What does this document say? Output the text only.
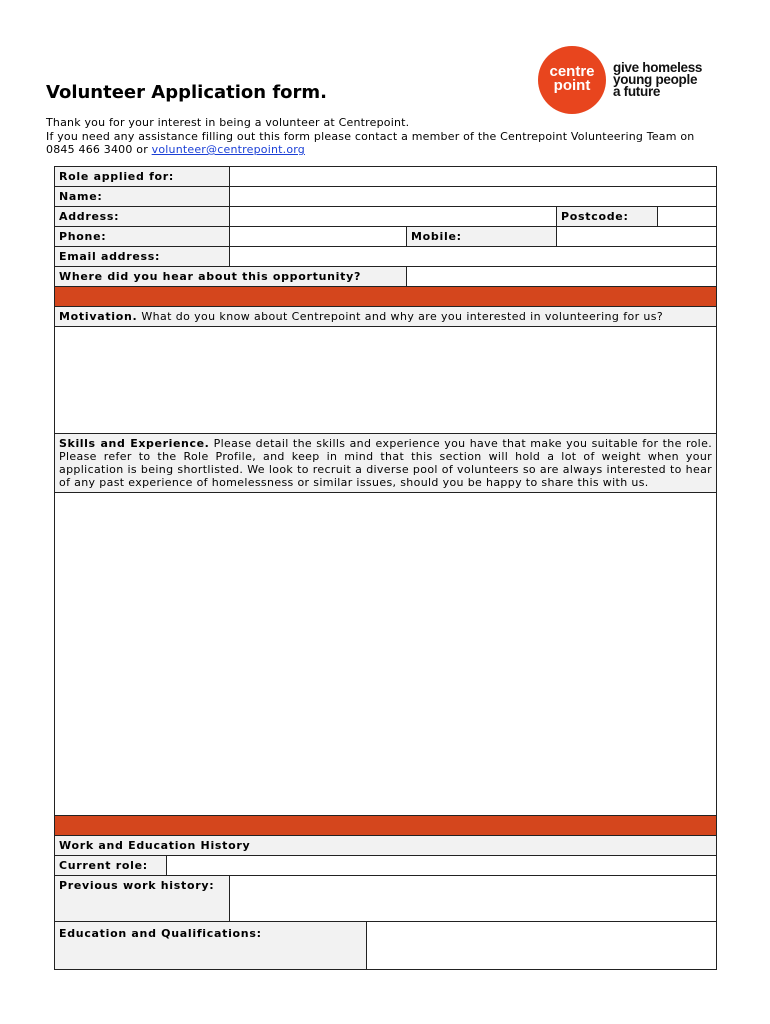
centre
point
give homeless
young people
a future
Volunteer Application form.
Thank you for your interest in being a volunteer at Centrepoint.
If you need any assistance filling out this form please contact a member of the Centrepoint Volunteering Team on
0845 466 3400 or volunteer@centrepoint.org
Role applied for:						
Name:						
Address:					Postcode:	
Phone:				Mobile:		
Email address:						
Where did you hear about this opportunity?						

Motivation. What do you know about Centrepoint and why are you interested in volunteering for us?						

Skills and Experience. Please detail the skills and experience you have that make you suitable for the role. Please refer to the Role Profile, and keep in mind that this section will hold a lot of weight when your application is being shortlisted. We look to recruit a diverse pool of volunteers so are always interested to hear of any past experience of homelessness or similar issues, should you be happy to share this with us.						

Work and Education History						
Current role:						
Previous work history:						
Education and Qualifications:						
